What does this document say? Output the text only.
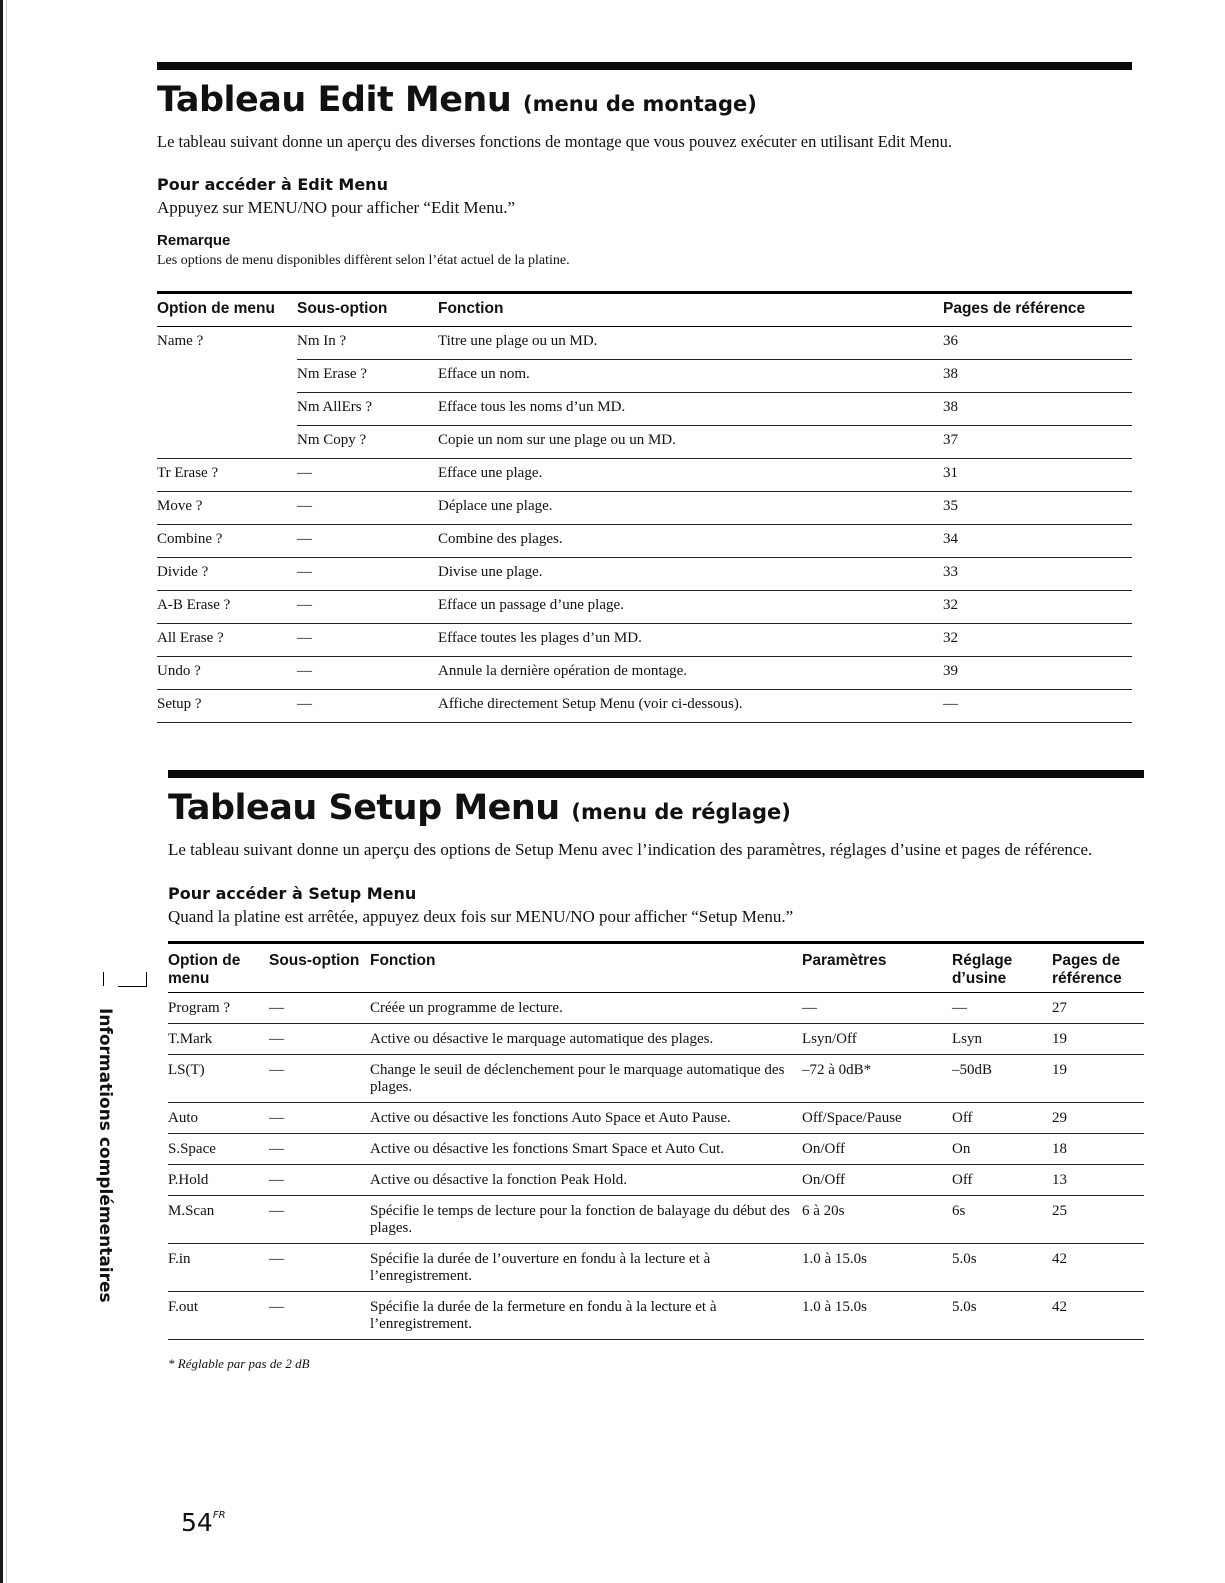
Tableau Edit Menu (menu de montage)
Le tableau suivant donne un aperçu des diverses fonctions de montage que vous pouvez exécuter en utilisant Edit Menu.
Pour accéder à Edit Menu
Appuyez sur MENU/NO pour afficher “Edit Menu.”
Remarque
Les options de menu disponibles diffèrent selon l’état actuel de la platine.
Option de menu	Sous-option	Fonction	Pages de référence
Name ?	Nm In ?	Titre une plage ou un MD.	36
	Nm Erase ?	Efface un nom.	38
	Nm AllErs ?	Efface tous les noms d’un MD.	38
	Nm Copy ?	Copie un nom sur une plage ou un MD.	37
Tr Erase ?	—	Efface une plage.	31
Move ?	—	Déplace une plage.	35
Combine ?	—	Combine des plages.	34
Divide ?	—	Divise une plage.	33
A-B Erase ?	—	Efface un passage d’une plage.	32
All Erase ?	—	Efface toutes les plages d’un MD.	32
Undo ?	—	Annule la dernière opération de montage.	39
Setup ?	—	Affiche directement Setup Menu (voir ci-dessous).	—
Tableau Setup Menu (menu de réglage)
Le tableau suivant donne un aperçu des options de Setup Menu avec l’indication des paramètres, réglages d’usine et pages de référence.
Pour accéder à Setup Menu
Quand la platine est arrêtée, appuyez deux fois sur MENU/NO pour afficher “Setup Menu.”
Option de menu	Sous-option	Fonction	Paramètres	Réglage d’usine	Pages de référence
Program ?	—	Créée un programme de lecture.	—	—	27
T.Mark	—	Active ou désactive le marquage automatique des plages.	Lsyn/Off	Lsyn	19
LS(T)	—	Change le seuil de déclenchement pour le marquage automatique des plages.	–72 à 0dB*	–50dB	19
Auto	—	Active ou désactive les fonctions Auto Space et Auto Pause.	Off/Space/Pause	Off	29
S.Space	—	Active ou désactive les fonctions Smart Space et Auto Cut.	On/Off	On	18
P.Hold	—	Active ou désactive la fonction Peak Hold.	On/Off	Off	13
M.Scan	—	Spécifie le temps de lecture pour la fonction de balayage du début des plages.	6 à 20s	6s	25
F.in	—	Spécifie la durée de l’ouverture en fondu à la lecture et à l’enregistrement.	1.0 à 15.0s	5.0s	42
F.out	—	Spécifie la durée de la fermeture en fondu à la lecture et à l’enregistrement.	1.0 à 15.0s	5.0s	42
* Réglable par pas de 2 dB
Informations complémentaires
$54^{FR}$
